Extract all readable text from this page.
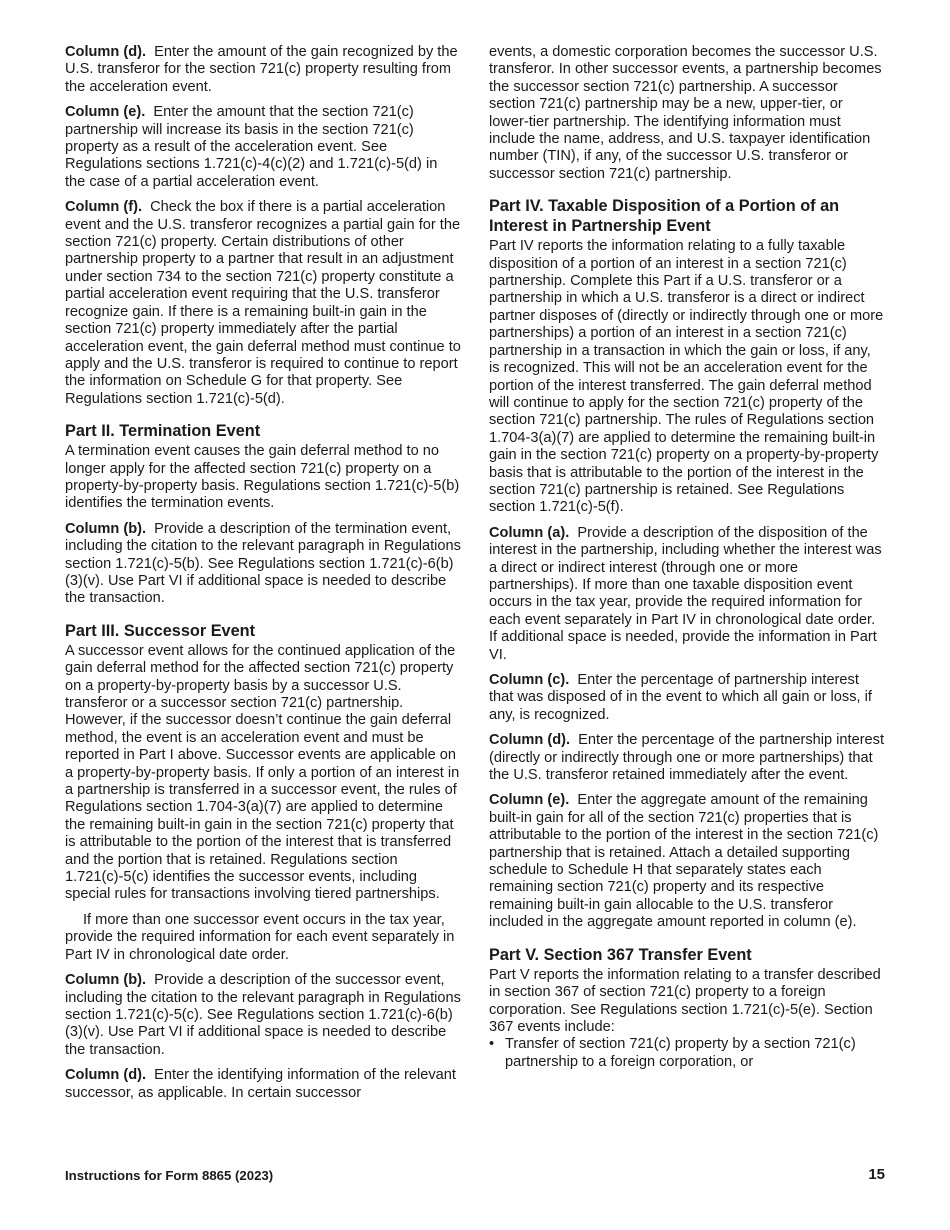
Column (d). Enter the amount of the gain recognized by the U.S. transferor for the section 721(c) property resulting from the acceleration event.

Column (e). Enter the amount that the section 721(c) partnership will increase its basis in the section 721(c) property as a result of the acceleration event. See Regulations sections 1.721(c)-4(c)(2) and 1.721(c)-5(d) in the case of a partial acceleration event.

Column (f). Check the box if there is a partial acceleration event and the U.S. transferor recognizes a partial gain for the section 721(c) property. Certain distributions of other partnership property to a partner that result in an adjustment under section 734 to the section 721(c) property constitute a partial acceleration event requiring that the U.S. transferor recognize gain. If there is a remaining built-in gain in the section 721(c) property immediately after the partial acceleration event, the gain deferral method must continue to apply and the U.S. transferor is required to continue to report the information on Schedule G for that property. See Regulations section 1.721(c)-5(d).

Part II. Termination Event

A termination event causes the gain deferral method to no longer apply for the affected section 721(c) property on a property-by-property basis. Regulations section 1.721(c)-5(b) identifies the termination events.

Column (b). Provide a description of the termination event, including the citation to the relevant paragraph in Regulations section 1.721(c)-5(b). See Regulations section 1.721(c)-6(b)(3)(v). Use Part VI if additional space is needed to describe the transaction.

Part III. Successor Event

A successor event allows for the continued application of the gain deferral method for the affected section 721(c) property on a property-by-property basis by a successor U.S. transferor or a successor section 721(c) partnership. However, if the successor doesn’t continue the gain deferral method, the event is an acceleration event and must be reported in Part I above. Successor events are applicable on a property-by-property basis. If only a portion of an interest in a partnership is transferred in a successor event, the rules of Regulations section 1.704-3(a)(7) are applied to determine the remaining built-in gain in the section 721(c) property that is attributable to the portion of the interest that is transferred and the portion that is retained. Regulations section 1.721(c)-5(c) identifies the successor events, including special rules for transactions involving tiered partnerships.

If more than one successor event occurs in the tax year, provide the required information for each event separately in Part IV in chronological date order.

Column (b). Provide a description of the successor event, including the citation to the relevant paragraph in Regulations section 1.721(c)-5(c). See Regulations section 1.721(c)-6(b)(3)(v). Use Part VI if additional space is needed to describe the transaction.

Column (d). Enter the identifying information of the relevant successor, as applicable. In certain successor

events, a domestic corporation becomes the successor U.S. transferor. In other successor events, a partnership becomes the successor section 721(c) partnership. A successor section 721(c) partnership may be a new, upper-tier, or lower-tier partnership. The identifying information must include the name, address, and U.S. taxpayer identification number (TIN), if any, of the successor U.S. transferor or successor section 721(c) partnership.

Part IV. Taxable Disposition of a Portion of an Interest in Partnership Event

Part IV reports the information relating to a fully taxable disposition of a portion of an interest in a section 721(c) partnership. Complete this Part if a U.S. transferor or a partnership in which a U.S. transferor is a direct or indirect partner disposes of (directly or indirectly through one or more partnerships) a portion of an interest in a section 721(c) partnership in a transaction in which the gain or loss, if any, is recognized. This will not be an acceleration event for the portion of the interest transferred. The gain deferral method will continue to apply for the section 721(c) property of the section 721(c) partnership. The rules of Regulations section 1.704-3(a)(7) are applied to determine the remaining built-in gain in the section 721(c) property on a property-by-property basis that is attributable to the portion of the interest in the section 721(c) partnership is retained. See Regulations section 1.721(c)-5(f).

Column (a). Provide a description of the disposition of the interest in the partnership, including whether the interest was a direct or indirect interest (through one or more partnerships). If more than one taxable disposition event occurs in the tax year, provide the required information for each event separately in Part IV in chronological date order. If additional space is needed, provide the information in Part VI.

Column (c). Enter the percentage of partnership interest that was disposed of in the event to which all gain or loss, if any, is recognized.

Column (d). Enter the percentage of the partnership interest (directly or indirectly through one or more partnerships) that the U.S. transferor retained immediately after the event.

Column (e). Enter the aggregate amount of the remaining built-in gain for all of the section 721(c) properties that is attributable to the portion of the interest in the section 721(c) partnership that is retained. Attach a detailed supporting schedule to Schedule H that separately states each remaining section 721(c) property and its respective remaining built-in gain allocable to the U.S. transferor included in the aggregate amount reported in column (e).

Part V. Section 367 Transfer Event

Part V reports the information relating to a transfer described in section 367 of section 721(c) property to a foreign corporation. See Regulations section 1.721(c)-5(e). Section 367 events include:

• Transfer of section 721(c) property by a section 721(c) partnership to a foreign corporation, or
Instructions for Form 8865 (2023)	15
